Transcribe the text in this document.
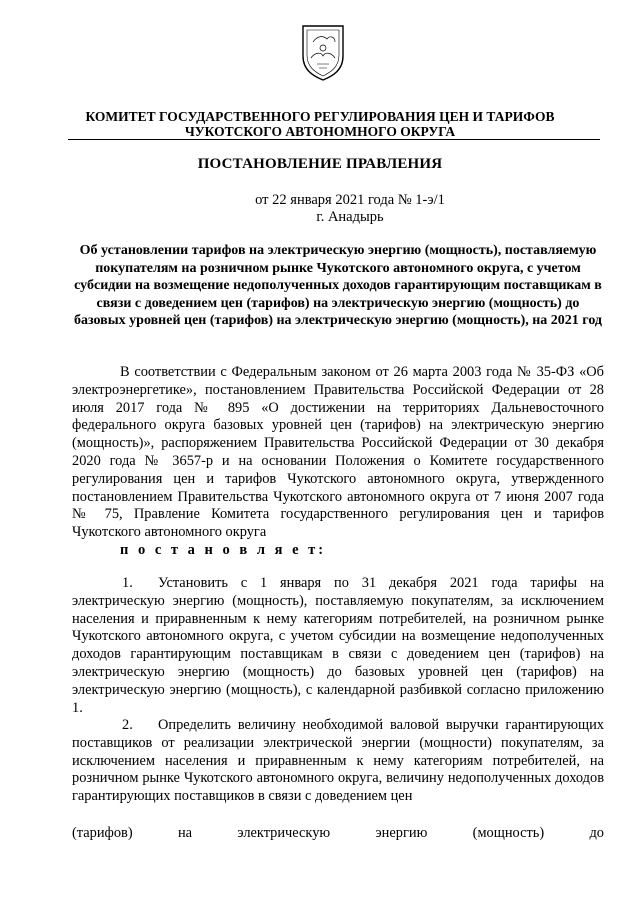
КОМИТЕТ ГОСУДАРСТВЕННОГО РЕГУЛИРОВАНИЯ ЦЕН И ТАРИФОВ
ЧУКОТСКОГО АВТОНОМНОГО ОКРУГА
ПОСТАНОВЛЕНИЕ ПРАВЛЕНИЯ
от 22 января 2021 года № 1-э/1
г. Анадырь
Об установлении тарифов на электрическую энергию (мощность), поставляемую покупателям на розничном рынке Чукотского автономного округа, с учетом субсидии на возмещение недополученных доходов гарантирующим поставщикам в связи с доведением цен (тарифов) на электрическую энергию (мощность) до базовых уровней цен (тарифов) на электрическую энергию (мощность), на 2021 год
В соответствии с Федеральным законом от 26 марта 2003 года № 35-ФЗ «Об электроэнергетике», постановлением Правительства Российской Федерации от 28 июля 2017 года № 895 «О достижении на территориях Дальневосточного федерального округа базовых уровней цен (тарифов) на электрическую энергию (мощность)», распоряжением Правительства Российской Федерации от 30 декабря 2020 года № 3657-р и на основании Положения о Комитете государственного регулирования цен и тарифов Чукотского автономного округа, утвержденного постановлением Правительства Чукотского автономного округа от 7 июня 2007 года № 75, Правление Комитета государственного регулирования цен и тарифов Чукотского автономного округа
п о с т а н о в л я е т:
1. Установить с 1 января по 31 декабря 2021 года тарифы на электрическую энергию (мощность), поставляемую покупателям, за исключением населения и приравненным к нему категориям потребителей, на розничном рынке Чукотского автономного округа, с учетом субсидии на возмещение недополученных доходов гарантирующим поставщикам в связи с доведением цен (тарифов) на электрическую энергию (мощность) до базовых уровней цен (тарифов) на электрическую энергию (мощность), с календарной разбивкой согласно приложению 1.
2. Определить величину необходимой валовой выручки гарантирующих поставщиков от реализации электрической энергии (мощности) покупателям, за исключением населения и приравненным к нему категориям потребителей, на розничном рынке Чукотского автономного округа, величину недополученных доходов гарантирующих поставщиков в связи с доведением цен
(тарифов)	на	электрическую	энергию	(мощность)	до
